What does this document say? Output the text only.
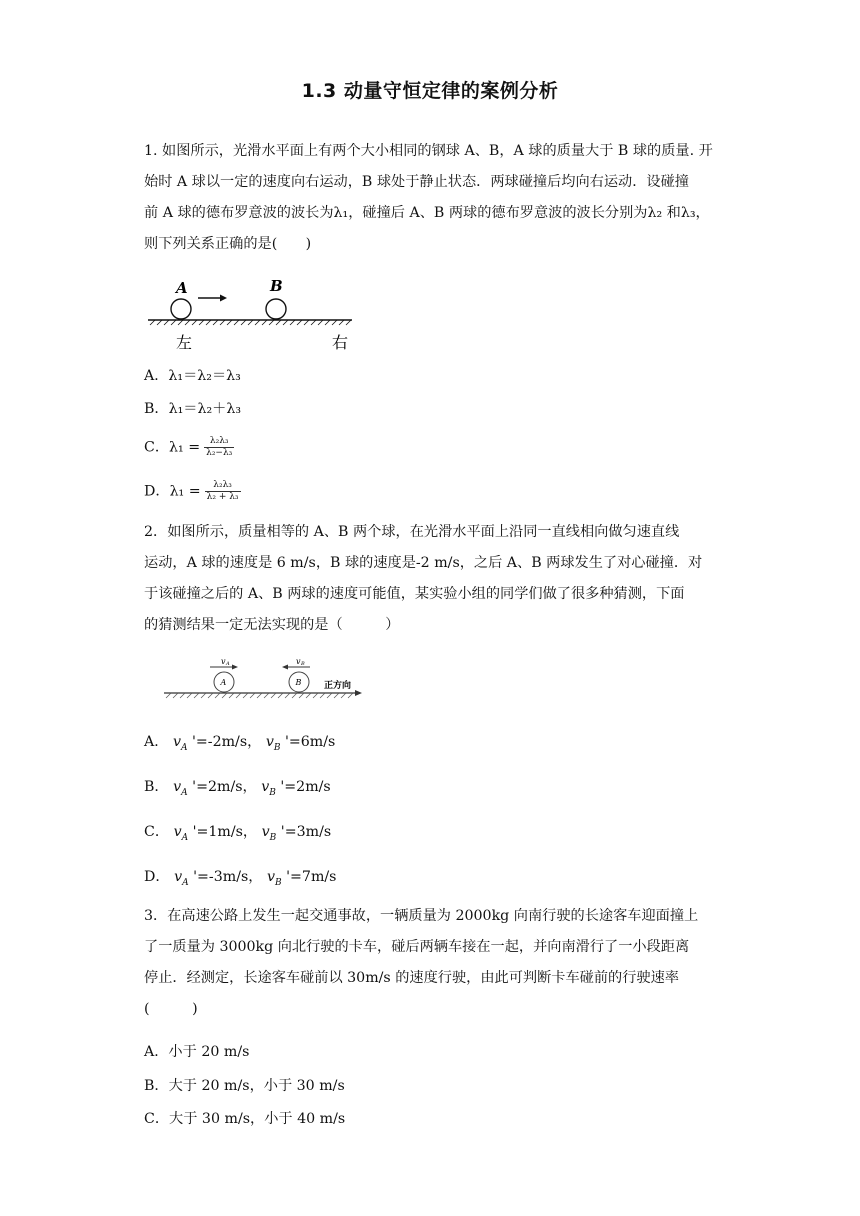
1.3 动量守恒定律的案例分析
1. 如图所示，光滑水平面上有两个大小相同的钢球 A、B，A 球的质量大于 B 球的质量. 开
始时 A 球以一定的速度向右运动，B 球处于静止状态．两球碰撞后均向右运动．设碰撞
前 A 球的德布罗意波的波长为λ₁，碰撞后 A、B 两球的德布罗意波的波长分别为λ₂ 和λ₃，
则下列关系正确的是(　　)
A	B
左	右
A．λ₁＝λ₂＝λ₃
B．λ₁＝λ₂＋λ₃
C．$\lambda_1 = \frac{\text{λ₂λ₃}}{\text{λ₂−λ₃}}$
D．$\lambda_1 = \frac{\text{λ₂λ₃}}{\text{λ₂ + λ₃}}$
2．如图所示，质量相等的 A、B 两个球，在光滑水平面上沿同一直线相向做匀速直线
运动，A 球的速度是 6 m/s，B 球的速度是-2 m/s，之后 A、B 两球发生了对心碰撞．对
于该碰撞之后的 A、B 两球的速度可能值，某实验小组的同学们做了很多种猜测，下面
的猜测结果一定无法实现的是（　　　）
v A	v B
A	B	正方向
A． $v_A$ '=-2m/s， $v_B$ '=6m/s
B． $v_A$ '=2m/s， $v_B$ '=2m/s
C． $v_A$ '=1m/s， $v_B$ '=3m/s
D． $v_A$ '=-3m/s， $v_B$ '=7m/s
3．在高速公路上发生一起交通事故，一辆质量为 2000kg 向南行驶的长途客车迎面撞上
了一质量为 3000kg 向北行驶的卡车，碰后两辆车接在一起，并向南滑行了一小段距离
停止．经测定，长途客车碰前以 30m/s 的速度行驶，由此可判断卡车碰前的行驶速率
(　　　)
A．小于 20 m/s
B．大于 20 m/s，小于 30 m/s
C．大于 30 m/s，小于 40 m/s
